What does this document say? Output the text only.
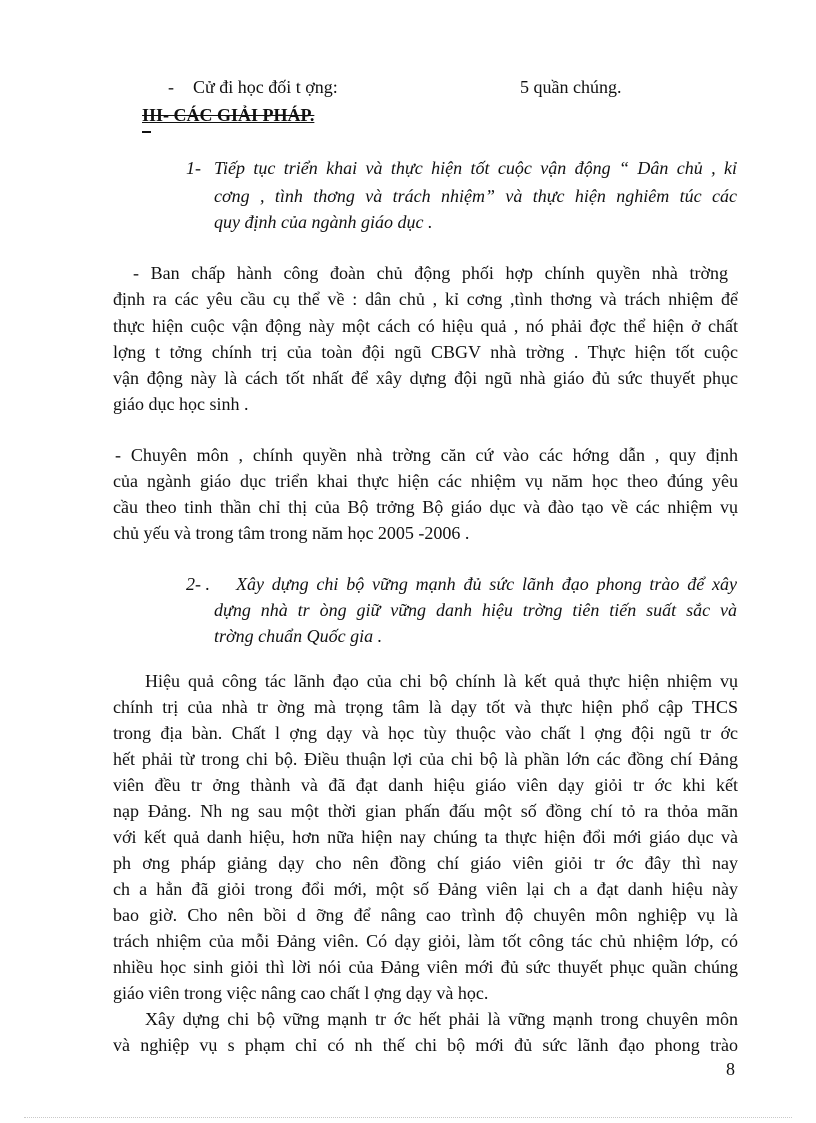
- Cử đi học đối t ợng:	5 quần chúng.
III- CÁC GIẢI PHÁP.
1- Tiếp tục triển khai và thực hiện tốt cuộc vận động “ Dân chủ , kỉ
cơng , tình thơng và trách nhiệm” và thực hiện nghiêm túc các
quy định của ngành giáo dục .
- Ban chấp hành công đoàn chủ động phối hợp chính quyền nhà trờng
định ra các yêu cầu cụ thể về : dân chủ , kỉ cơng ,tình thơng và trách nhiệm để
thực hiện cuộc vận động này một cách có hiệu quả , nó phải đợc thể hiện ở chất
lợng t tởng chính trị của toàn đội ngũ CBGV nhà trờng . Thực hiện tốt cuộc
vận động này là cách tốt nhất để xây dựng đội ngũ nhà giáo đủ sức thuyết phục
giáo dục học sinh .
- Chuyên môn , chính quyền nhà trờng căn cứ vào các hớng dẫn , quy định
của ngành giáo dục triển khai thực hiện các nhiệm vụ năm học theo đúng yêu
cầu theo tinh thần chỉ thị của Bộ trởng Bộ giáo dục và đào tạo về các nhiệm vụ
chủ yếu và trong tâm trong năm học 2005 -2006 .
2- . Xây dựng chi bộ vững mạnh đủ sức lãnh đạo phong trào để xây
dựng nhà tr òng giữ vững danh hiệu trờng tiên tiến suất sắc và
trờng chuẩn Quốc gia .
Hiệu quả công tác lãnh đạo của chi bộ chính là kết quả thực hiện nhiệm vụ
chính trị của nhà tr ờng mà trọng tâm là dạy tốt và thực hiện phổ cập THCS
trong địa bàn. Chất l ợng dạy và học tùy thuộc vào chất l ợng đội ngũ tr ớc
hết phải từ trong chi bộ. Điều thuận lợi của chi bộ là phần lớn các đồng chí Đảng
viên đều tr ởng thành và đã đạt danh hiệu giáo viên dạy giỏi tr ớc khi kết
nạp Đảng. Nh ng sau một thời gian phấn đấu một số đồng chí tỏ ra thỏa mãn
với kết quả danh hiệu, hơn nữa hiện nay chúng ta thực hiện đổi mới giáo dục và
ph ơng pháp giảng dạy cho nên đồng chí giáo viên giỏi tr ớc đây thì nay
ch a hẳn đã giỏi trong đổi mới, một số Đảng viên lại ch a đạt danh hiệu này
bao giờ. Cho nên bồi d ỡng để nâng cao trình độ chuyên môn nghiệp vụ là
trách nhiệm của mỗi Đảng viên. Có dạy giỏi, làm tốt công tác chủ nhiệm lớp, có
nhiều học sinh giỏi thì lời nói của Đảng viên mới đủ sức thuyết phục quần chúng
giáo viên trong việc nâng cao chất l ợng dạy và học.
Xây dựng chi bộ vững mạnh tr ớc hết phải là vững mạnh trong chuyên môn
và nghiệp vụ s phạm chỉ có nh thế chi bộ mới đủ sức lãnh đạo phong trào
8
